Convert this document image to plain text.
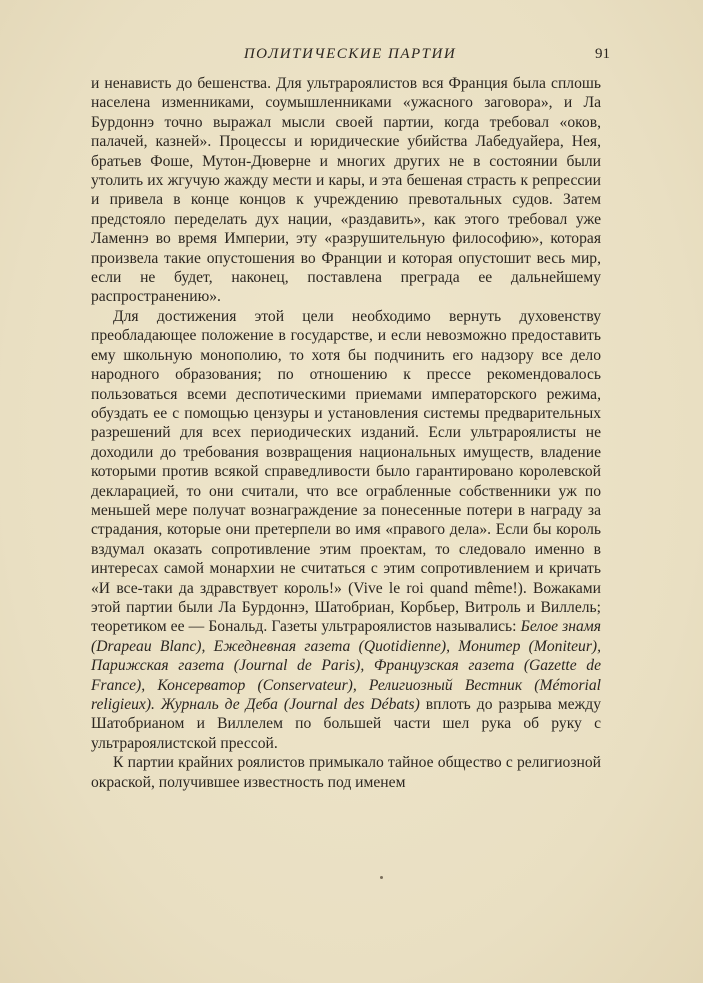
ПОЛИТИЧЕСКИЕ ПАРТИИ	91

и ненависть до бешенства. Для ультрароялистов вся Франция была сплошь населена изменниками, соумышленниками «ужасного заговора», и Ла Бурдоннэ точно выражал мысли своей партии, когда требовал «оков, палачей, казней». Процессы и юридические убийства Лабедуайера, Нея, братьев Фоше, Мутон-Дюверне и многих других не в состоянии были утолить их жгучую жажду мести и кары, и эта бешеная страсть к репрессии и привела в конце концов к учреждению превотальных судов. Затем предстояло переделать дух нации, «раздавить», как этого требовал уже Ламеннэ во время Империи, эту «разрушительную философию», которая произвела такие опустошения во Франции и которая опустошит весь мир, если не будет, наконец, поставлена преграда ее дальнейшему распространению».

Для достижения этой цели необходимо вернуть духовенству преобладающее положение в государстве, и если невозможно предоставить ему школьную монополию, то хотя бы подчинить его надзору все дело народного образования; по отношению к прессе рекомендовалось пользоваться всеми деспотическими приемами императорского режима, обуздать ее с помощью цензуры и установления системы предварительных разрешений для всех периодических изданий. Если ультрароялисты не доходили до требования возвращения национальных имуществ, владение которыми против всякой справедливости было гарантировано королевской декларацией, то они считали, что все ограбленные собственники уж по меньшей мере получат вознаграждение за понесенные потери в награду за страдания, которые они претерпели во имя «правого дела». Если бы король вздумал оказать сопротивление этим проектам, то следовало именно в интересах самой монархии не считаться с этим сопротивлением и кричать «И все-таки да здравствует король!» (Vive le roi quand même!). Вожаками этой партии были Ла Бурдоннэ, Шатобриан, Корбьер, Витроль и Виллель; теоретиком ее — Бональд. Газеты ультрароялистов назывались: Белое знамя (Drapeau Blanc), Ежедневная газета (Quotidienne), Монитер (Moniteur), Парижская газета (Journal de Paris), Французская газета (Gazette de France), Консерватор (Conservateur), Религиозный Вестник (Mémorial religieux). Журналь де Деба (Journal des Débats) вплоть до разрыва между Шатобрианом и Виллелем по большей части шел рука об руку с ультрароялистской прессой.

К партии крайних роялистов примыкало тайное общество с религиозной окраской, получившее известность под именем
